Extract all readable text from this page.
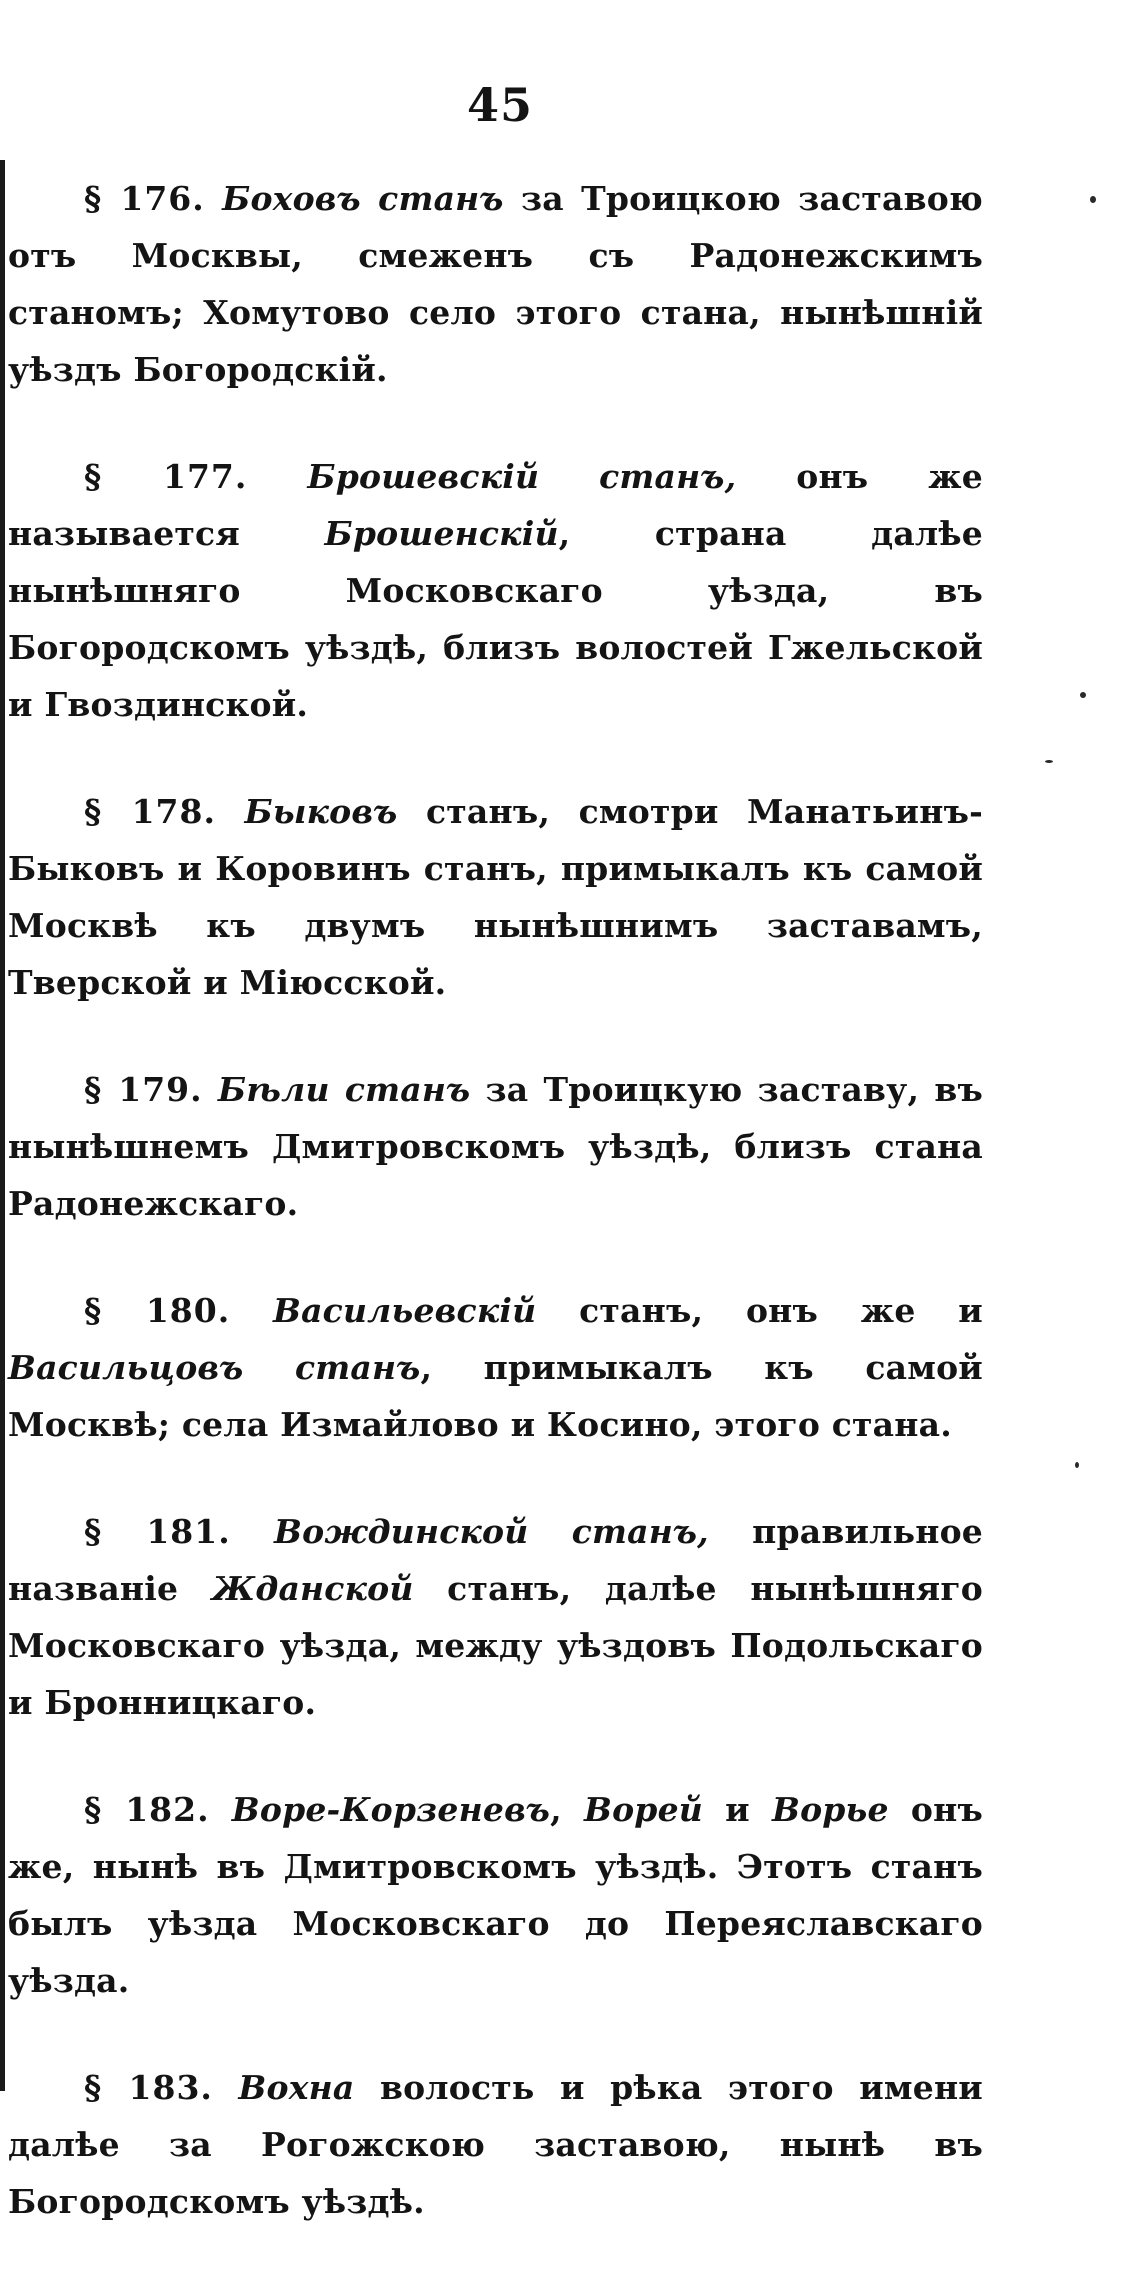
45

§ 176. Боховъ станъ за Троицкою заставою отъ Москвы, смеженъ съ Радонежскимъ станомъ; Хомутово село этого стана, нынѣшній уѣздъ Богородскій.

§ 177. Брошевскій станъ, онъ же называется Брошенскій, страна далѣе нынѣшняго Московскаго уѣзда, въ Богородскомъ уѣздѣ, близъ волостей Гжельской и Гвоздинской.

§ 178. Быковъ станъ, смотри Манатьинъ-Быковъ и Коровинъ станъ, примыкалъ къ самой Москвѣ къ двумъ нынѣшнимъ заставамъ, Тверской и Міюсской.

§ 179. Бѣли станъ за Троицкую заставу, въ нынѣшнемъ Дмитровскомъ уѣздѣ, близъ стана Радонежскаго.

§ 180. Васильевскій станъ, онъ же и Васильцовъ станъ, примыкалъ къ самой Москвѣ; села Измайлово и Косино, этого стана.

§ 181. Вождинской станъ, правильное названіе Жданской станъ, далѣе нынѣшняго Московскаго уѣзда, между уѣздовъ Подольскаго и Бронницкаго.

§ 182. Воре-Корзеневъ, Ворей и Ворье онъ же, нынѣ въ Дмитровскомъ уѣздѣ. Этотъ станъ былъ уѣзда Московскаго до Переяславскаго уѣзда.

§ 183. Вохна волость и рѣка этого имени далѣе за Рогожскою заставою, нынѣ въ Богородскомъ уѣздѣ.
